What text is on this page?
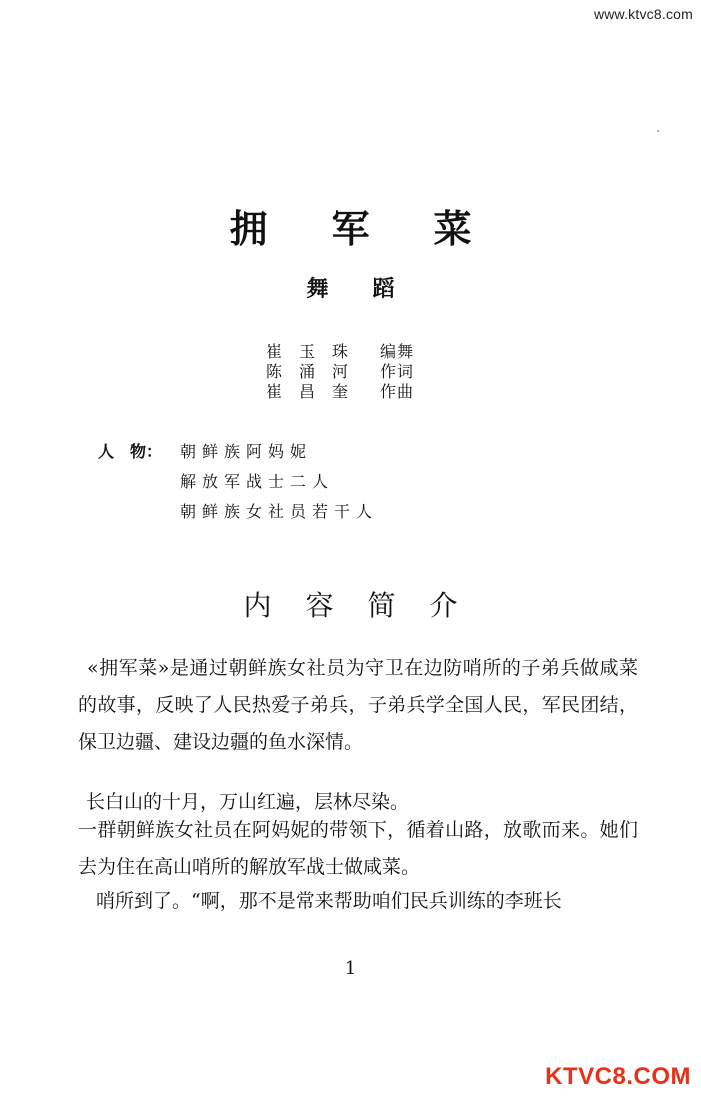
www.ktvc8.com
拥军菜
舞蹈
崔玉珠 编舞
陈涌河 作词
崔昌奎 作曲
人　物：	朝鲜族阿妈妮
解放军战士二人
朝鲜族女社员若干人
内容简介
«拥军菜»是通过朝鲜族女社员为守卫在边防哨所的子弟兵做咸菜的故事，反映了人民热爱子弟兵，子弟兵学全国人民，军民团结，保卫边疆、建设边疆的鱼水深情。
长白山的十月，万山红遍，层林尽染。
一群朝鲜族女社员在阿妈妮的带领下，循着山路，放歌而来。她们去为住在高山哨所的解放军战士做咸菜。
哨所到了。“啊，那不是常来帮助咱们民兵训练的李班长
1
KTVC8.COM
